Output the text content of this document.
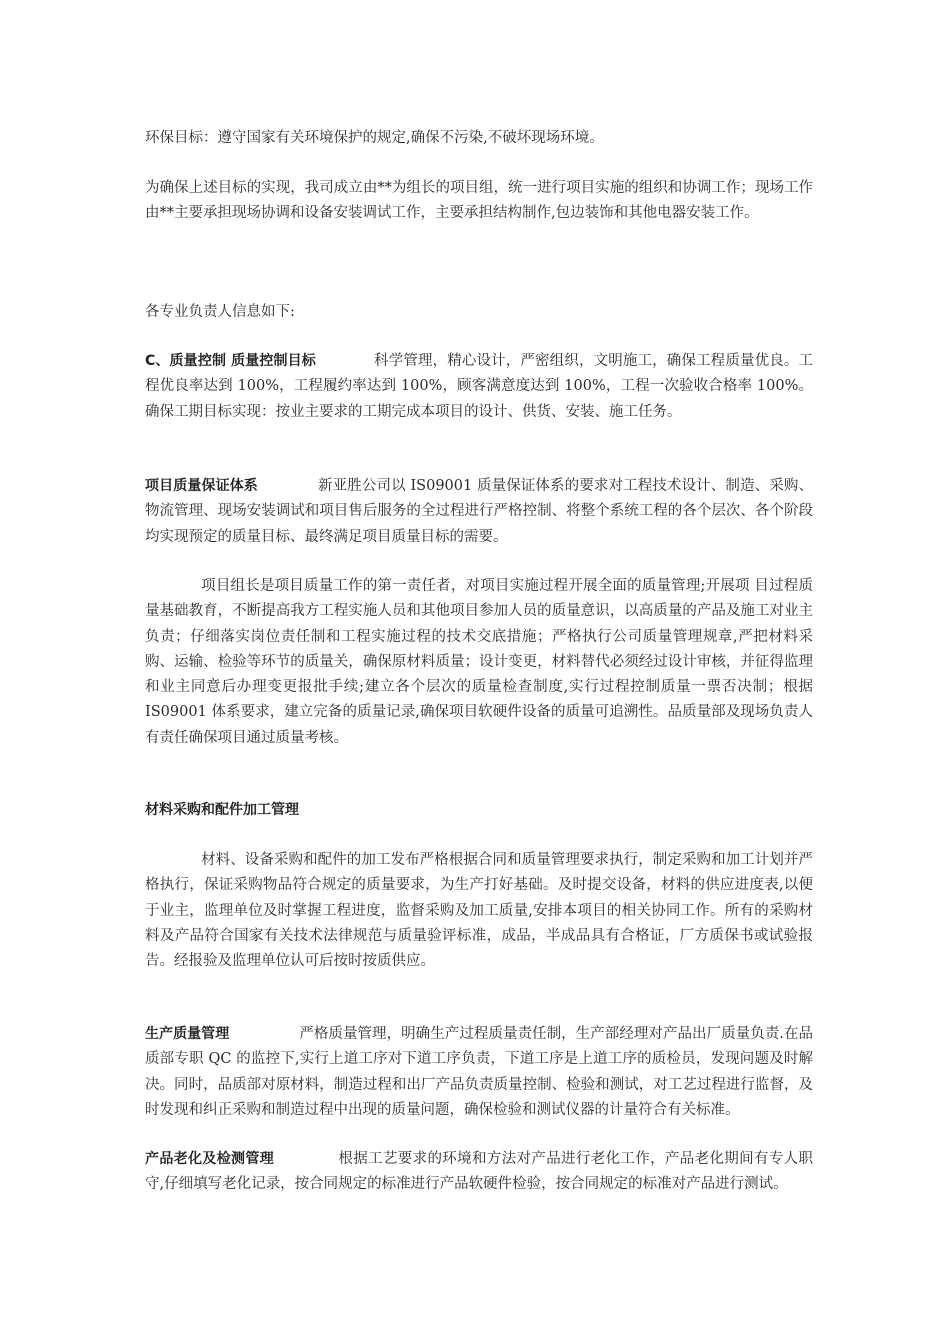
环保目标：遵守国家有关环境保护的规定,确保不污染,不破坏现场环境。
为确保上述目标的实现，我司成立由**为组长的项目组，统一进行项目实施的组织和协调工作；现场工作由**主要承担现场协调和设备安装调试工作，主要承担结构制作,包边装饰和其他电器安装工作。
各专业负责人信息如下:
C、质量控制 质量控制目标	科学管理，精心设计，严密组织，文明施工，确保工程质量优良。工程优良率达到 100%，工程履约率达到 100%，顾客满意度达到 100%，工程一次验收合格率 100%。确保工期目标实现：按业主要求的工期完成本项目的设计、供货、安装、施工任务。
项目质量保证体系	新亚胜公司以 IS09001 质量保证体系的要求对工程技术设计、制造、采购、物流管理、现场安装调试和项目售后服务的全过程进行严格控制、将整个系统工程的各个层次、各个阶段均实现预定的质量目标、最终满足项目质量目标的需要。
项目组长是项目质量工作的第一责任者，对项目实施过程开展全面的质量管理;开展项 目过程质量基础教育，不断提高我方工程实施人员和其他项目参加人员的质量意识，以高质量的产品及施工对业主负责；仔细落实岗位责任制和工程实施过程的技术交底措施；严格执行公司质量管理规章,严把材料采购、运输、检验等环节的质量关，确保原材料质量；设计变更，材料替代必须经过设计审核，并征得监理和业主同意后办理变更报批手续;建立各个层次的质量检查制度,实行过程控制质量一票否决制；根据 IS09001 体系要求，建立完备的质量记录,确保项目软硬件设备的质量可追溯性。品质量部及现场负责人有责任确保项目通过质量考核。
材料采购和配件加工管理
材料、设备采购和配件的加工发布严格根据合同和质量管理要求执行，制定采购和加工计划并严格执行，保证采购物品符合规定的质量要求，为生产打好基础。及时提交设备，材料的供应进度表,以便于业主，监理单位及时掌握工程进度，监督采购及加工质量,安排本项目的相关协同工作。所有的采购材料及产品符合国家有关技术法律规范与质量验评标准，成品，半成品具有合格证，厂方质保书或试验报告。经报验及监理单位认可后按时按质供应。
生产质量管理	严格质量管理，明确生产过程质量责任制，生产部经理对产品出厂质量负责.在品质部专职 QC 的监控下,实行上道工序对下道工序负责，下道工序是上道工序的质检员，发现问题及时解决。同时，品质部对原材料，制造过程和出厂产品负责质量控制、检验和测试，对工艺过程进行监督，及时发现和纠正采购和制造过程中出现的质量问题，确保检验和测试仪器的计量符合有关标准。
产品老化及检测管理	根据工艺要求的环境和方法对产品进行老化工作，产品老化期间有专人职守,仔细填写老化记录，按合同规定的标准进行产品软硬件检验，按合同规定的标准对产品进行测试。
